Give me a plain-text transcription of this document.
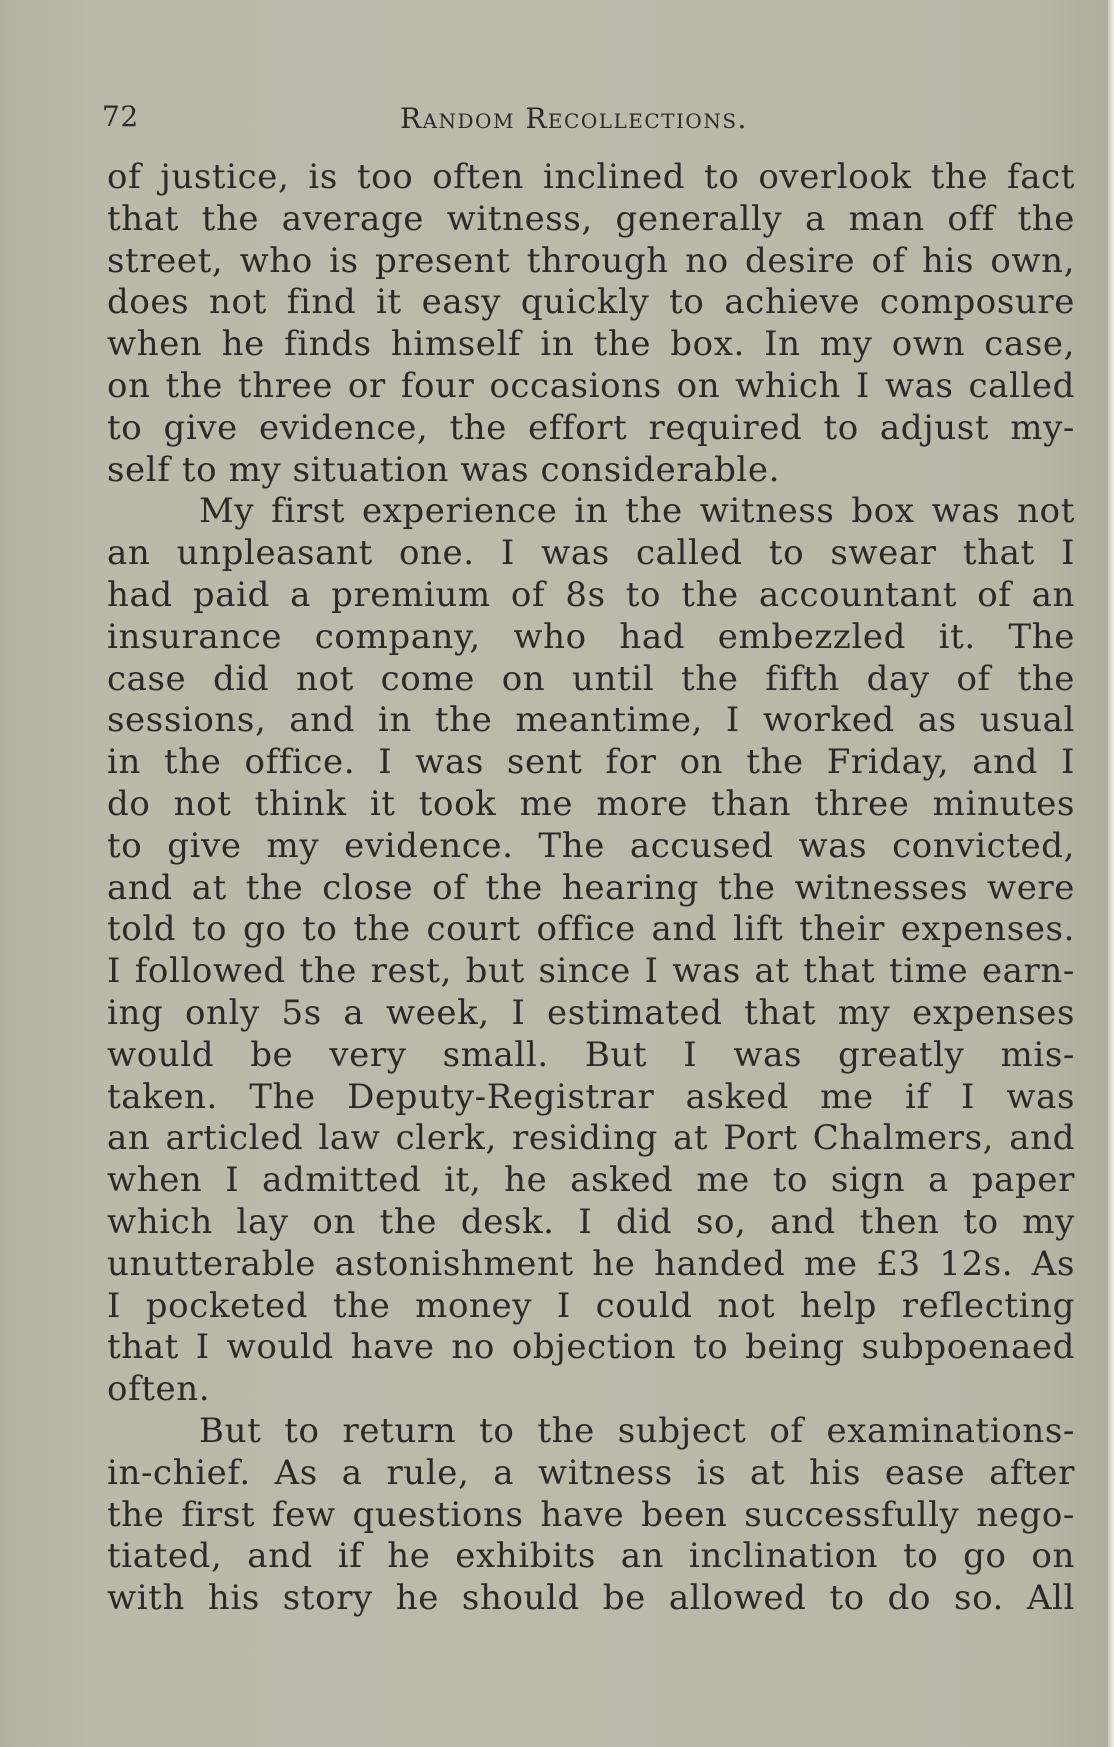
72	Random Recollections.
of justice, is too often inclined to overlook the fact
that the average witness, generally a man off the
street, who is present through no desire of his own,
does not find it easy quickly to achieve composure
when he finds himself in the box. In my own case,
on the three or four occasions on which I was called
to give evidence, the effort required to adjust my-
self to my situation was considerable.
My first experience in the witness box was not
an unpleasant one. I was called to swear that I
had paid a premium of 8s to the accountant of an
insurance company, who had embezzled it. The
case did not come on until the fifth day of the
sessions, and in the meantime, I worked as usual
in the office. I was sent for on the Friday, and I
do not think it took me more than three minutes
to give my evidence. The accused was convicted,
and at the close of the hearing the witnesses were
told to go to the court office and lift their expenses.
I followed the rest, but since I was at that time earn-
ing only 5s a week, I estimated that my expenses
would be very small. But I was greatly mis-
taken. The Deputy-Registrar asked me if I was
an articled law clerk, residing at Port Chalmers, and
when I admitted it, he asked me to sign a paper
which lay on the desk. I did so, and then to my
unutterable astonishment he handed me £3 12s. As
I pocketed the money I could not help reflecting
that I would have no objection to being subpoenaed
often.
But to return to the subject of examinations-
in-chief. As a rule, a witness is at his ease after
the first few questions have been successfully nego-
tiated, and if he exhibits an inclination to go on
with his story he should be allowed to do so. All
